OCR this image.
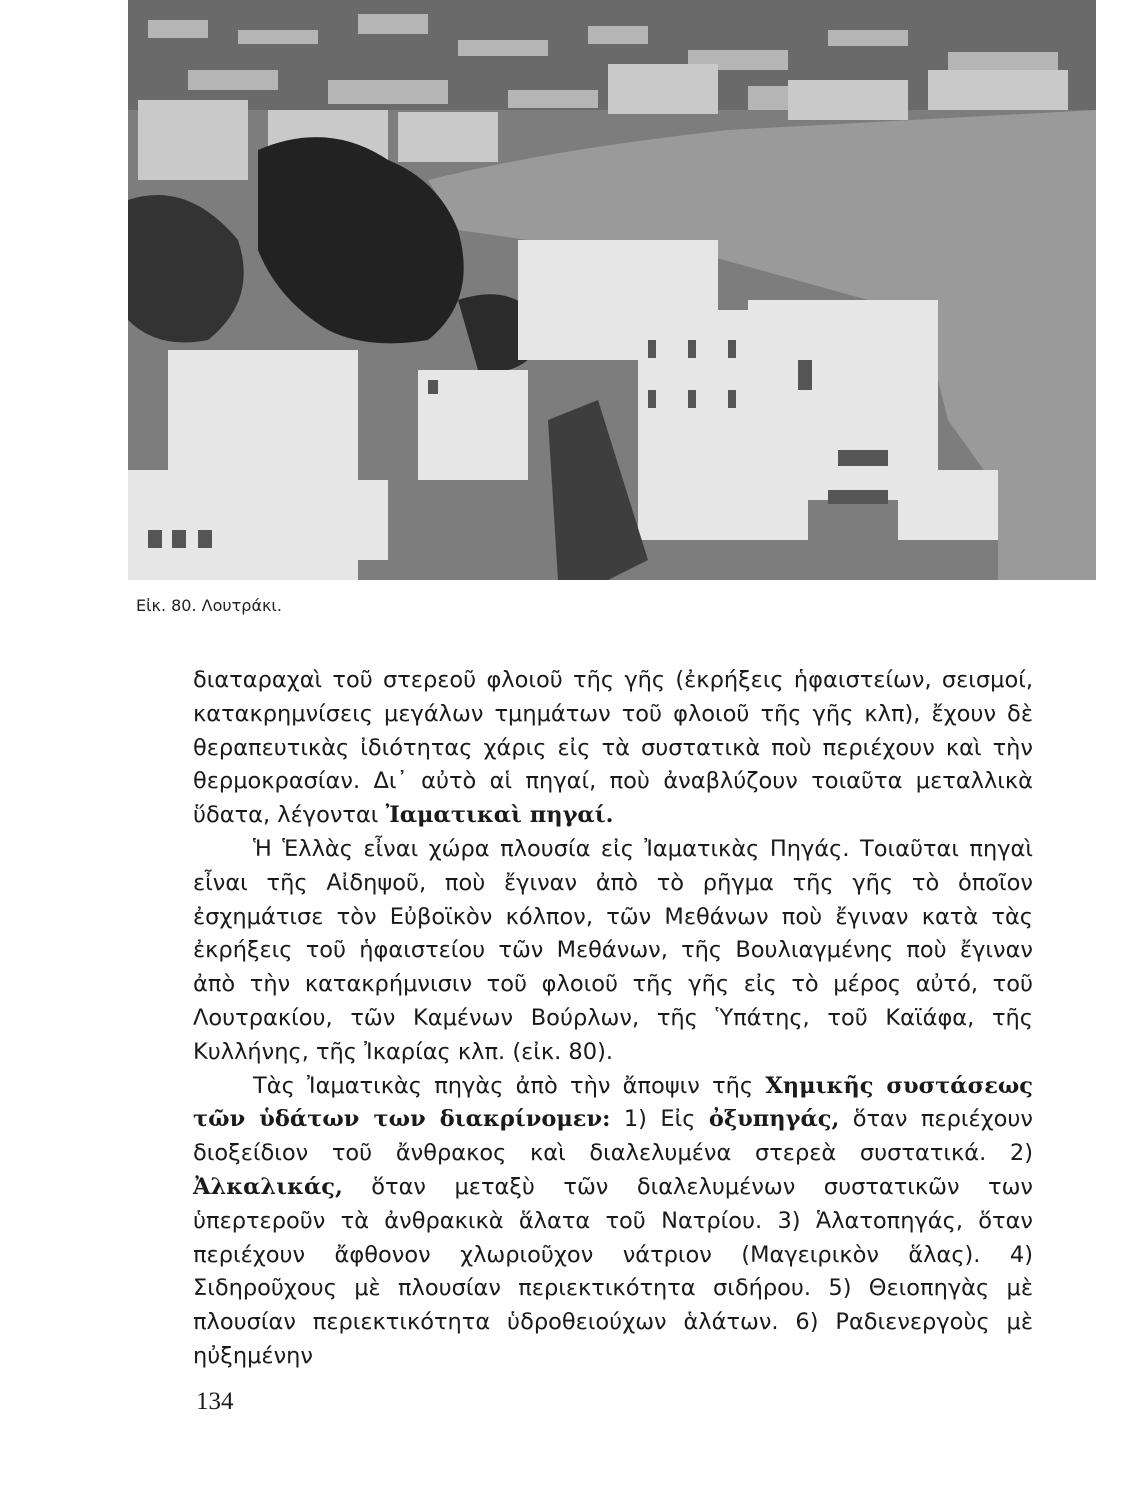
Εἰκ. 80. Λουτράκι.

διαταραχαὶ τοῦ στερεοῦ φλοιοῦ τῆς γῆς (ἐκρήξεις ἡφαιστείων, σεισμοί, κατακρημνίσεις μεγάλων τμημάτων τοῦ φλοιοῦ τῆς γῆς κλπ), ἔχουν δὲ θεραπευτικὰς ἰδιότητας χάρις εἰς τὰ συστατικὰ ποὺ περιέχουν καὶ τὴν θερμοκρασίαν. Δι᾽ αὐτὸ αἱ πηγαί, ποὺ ἀναβλύζουν τοιαῦτα μεταλλικὰ ὕδατα, λέγονται Ἰαματικαὶ πηγαί.

Ἡ Ἑλλὰς εἶναι χώρα πλουσία εἰς Ἰαματικὰς Πηγάς. Τοιαῦται πηγαὶ εἶναι τῆς Αἰδηψοῦ, ποὺ ἔγιναν ἀπὸ τὸ ρῆγμα τῆς γῆς τὸ ὁποῖον ἐσχημάτισε τὸν Εὐβοϊκὸν κόλπον, τῶν Μεθάνων ποὺ ἔγιναν κατὰ τὰς ἐκρήξεις τοῦ ἡφαιστείου τῶν Μεθάνων, τῆς Βουλιαγμένης ποὺ ἔγιναν ἀπὸ τὴν κατακρήμνισιν τοῦ φλοιοῦ τῆς γῆς εἰς τὸ μέρος αὐτό, τοῦ Λουτρακίου, τῶν Καμένων Βούρλων, τῆς Ὑπάτης, τοῦ Καϊάφα, τῆς Κυλλήνης, τῆς Ἰκαρίας κλπ. (εἰκ. 80).

Τὰς Ἰαματικὰς πηγὰς ἀπὸ τὴν ἄποψιν τῆς Χημικῆς συστάσεως τῶν ὑδάτων των διακρίνομεν: 1) Εἰς ὀξυπηγάς, ὅταν περιέχουν διοξείδιον τοῦ ἄνθρακος καὶ διαλελυμένα στερεὰ συστατικά. 2) Ἀλκαλικάς, ὅταν μεταξὺ τῶν διαλελυμένων συστατικῶν των ὑπερτεροῦν τὰ ἀνθρακικὰ ἅλατα τοῦ Νατρίου. 3) Ἁλατοπηγάς, ὅταν περιέχουν ἄφθονον χλωριοῦχον νάτριον (Μαγειρικὸν ἅλας). 4) Σιδηροῦχους μὲ πλουσίαν περιεκτικότητα σιδήρου. 5) Θειοπηγὰς μὲ πλουσίαν περιεκτικότητα ὑδροθειούχων ἁλάτων. 6) Ραδιενεργοὺς μὲ ηὐξημένην

134
